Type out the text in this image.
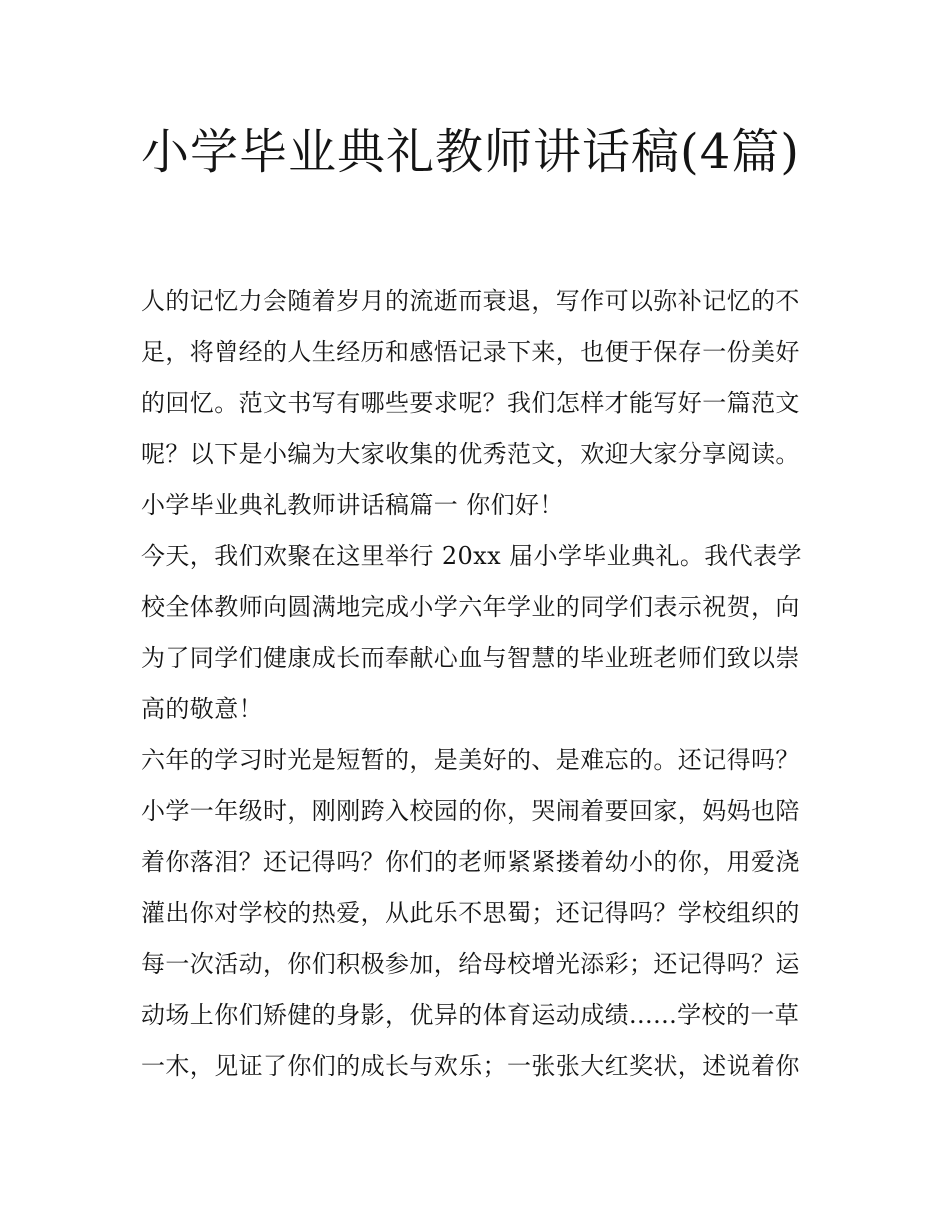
小学毕业典礼教师讲话稿(4篇)
人的记忆力会随着岁月的流逝而衰退，写作可以弥补记忆的不
足，将曾经的人生经历和感悟记录下来，也便于保存一份美好
的回忆。范文书写有哪些要求呢？我们怎样才能写好一篇范文
呢？以下是小编为大家收集的优秀范文，欢迎大家分享阅读。
小学毕业典礼教师讲话稿篇一 你们好！
今天，我们欢聚在这里举行 20xx 届小学毕业典礼。我代表学
校全体教师向圆满地完成小学六年学业的同学们表示祝贺，向
为了同学们健康成长而奉献心血与智慧的毕业班老师们致以崇
高的敬意！
六年的学习时光是短暂的，是美好的、是难忘的。还记得吗？
小学一年级时，刚刚跨入校园的你，哭闹着要回家，妈妈也陪
着你落泪？还记得吗？你们的老师紧紧搂着幼小的你，用爱浇
灌出你对学校的热爱，从此乐不思蜀；还记得吗？学校组织的
每一次活动，你们积极参加，给母校增光添彩；还记得吗？运
动场上你们矫健的身影，优异的体育运动成绩......学校的一草
一木，见证了你们的成长与欢乐；一张张大红奖状，述说着你
